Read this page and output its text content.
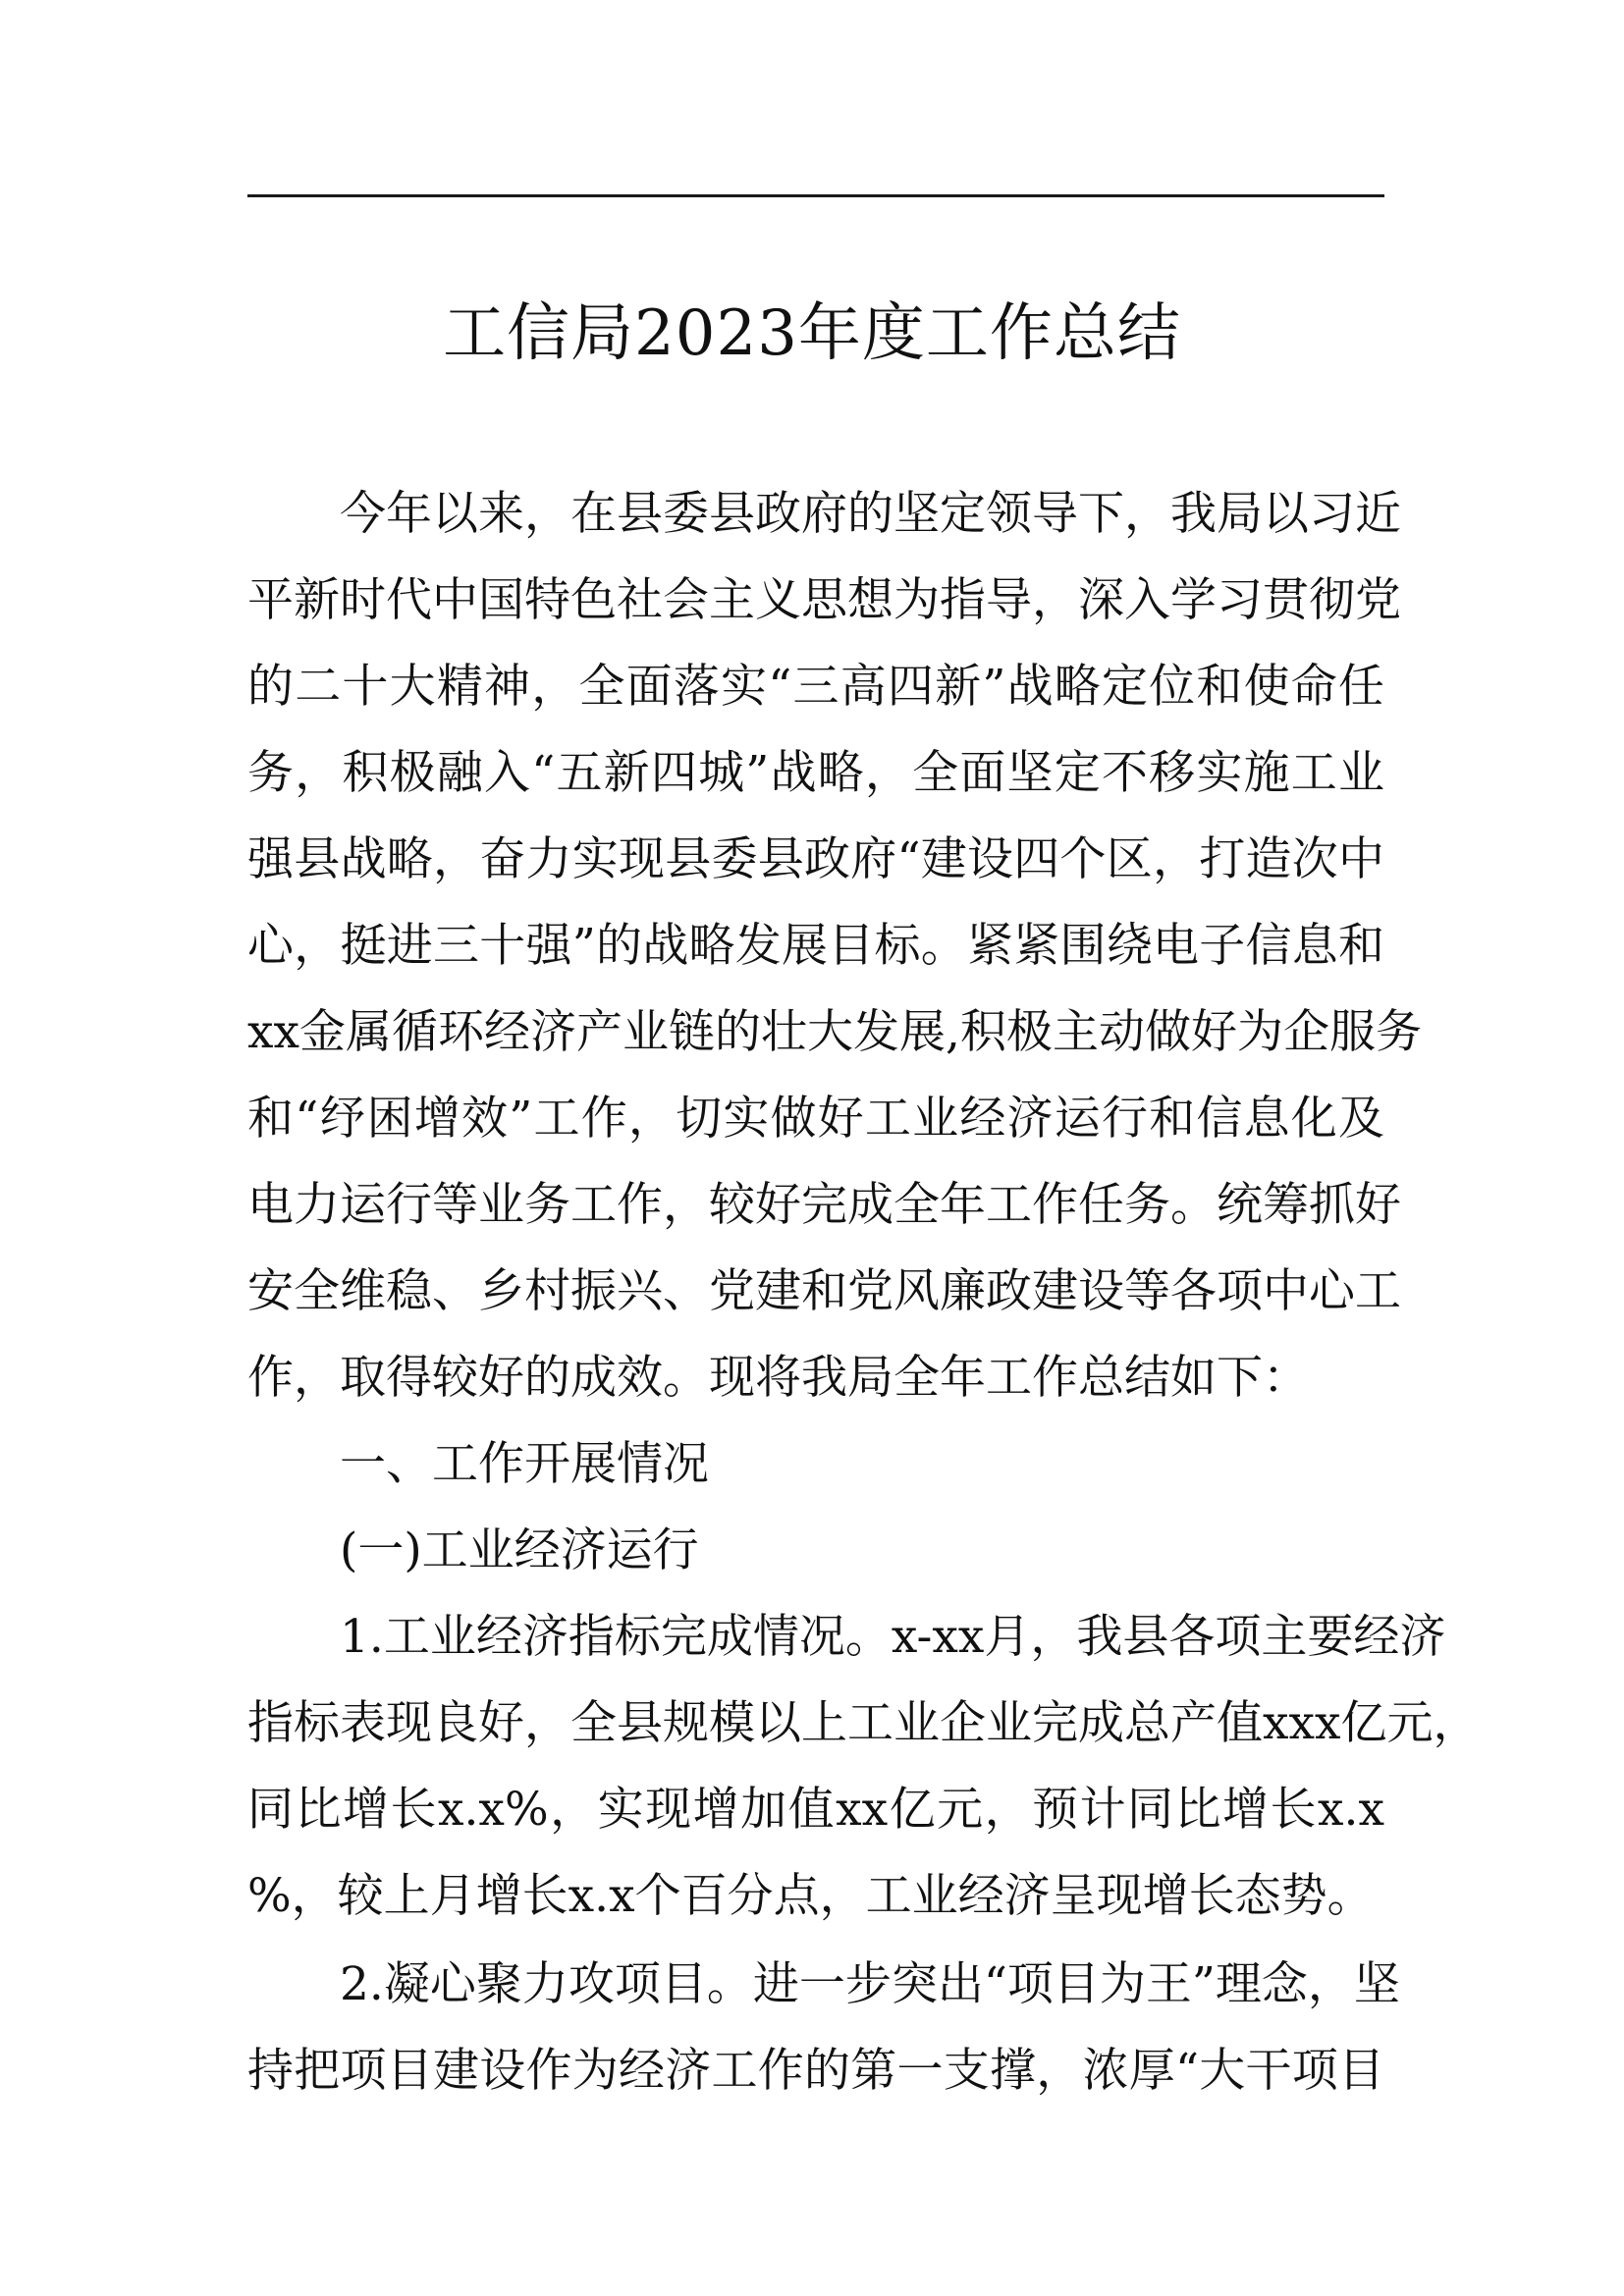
工信局2023年度工作总结
今年以来，在县委县政府的坚定领导下，我局以习近
平新时代中国特色社会主义思想为指导，深入学习贯彻党
的二十大精神，全面落实“三高四新”战略定位和使命任
务，积极融入“五新四城”战略，全面坚定不移实施工业
强县战略，奋力实现县委县政府“建设四个区，打造次中
心，挺进三十强”的战略发展目标。紧紧围绕电子信息和
xx金属循环经济产业链的壮大发展,积极主动做好为企服务
和“纾困增效”工作，切实做好工业经济运行和信息化及
电力运行等业务工作，较好完成全年工作任务。统筹抓好
安全维稳、乡村振兴、党建和党风廉政建设等各项中心工
作，取得较好的成效。现将我局全年工作总结如下：
一、工作开展情况
(一)工业经济运行
1.工业经济指标完成情况。x-xx月，我县各项主要经济
指标表现良好，全县规模以上工业企业完成总产值xxx亿元，
同比增长x.x%，实现增加值xx亿元，预计同比增长x.x
%，较上月增长x.x个百分点，工业经济呈现增长态势。
2.凝心聚力攻项目。进一步突出“项目为王”理念，坚
持把项目建设作为经济工作的第一支撑，浓厚“大干项目
